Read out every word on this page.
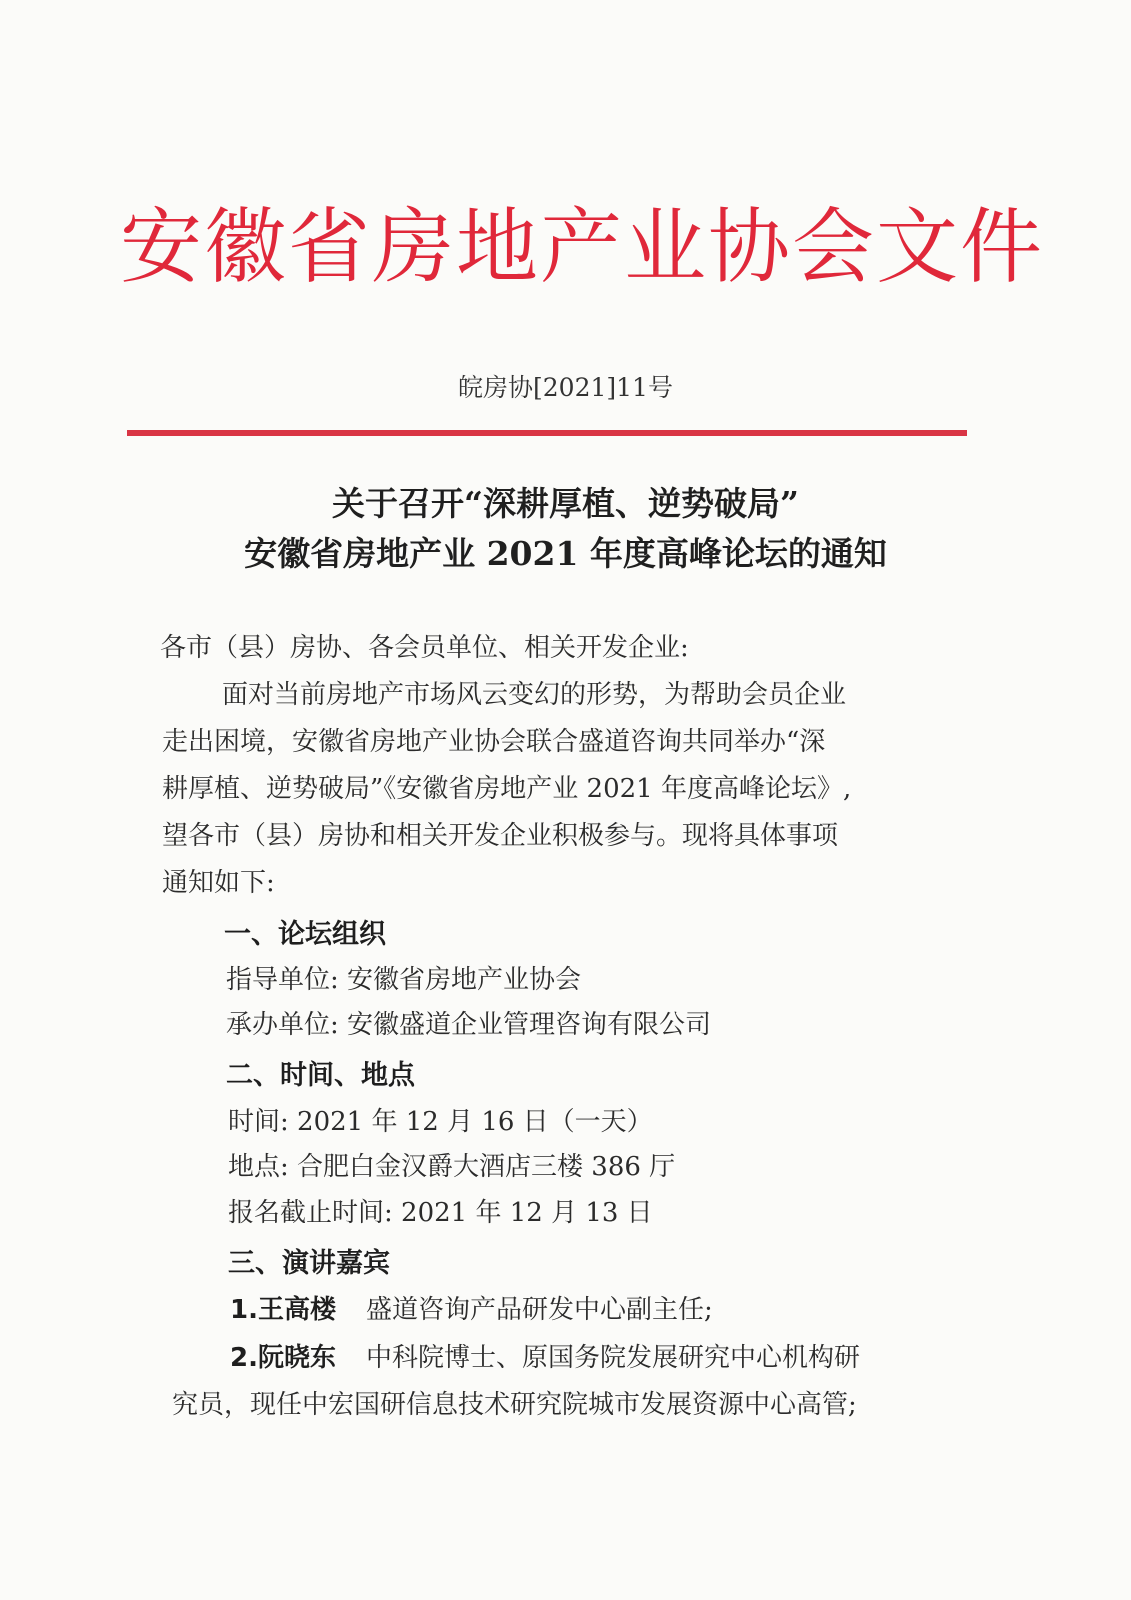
安徽省房地产业协会文件
皖房协[2021]11号
关于召开“深耕厚植、逆势破局”
安徽省房地产业 2021 年度高峰论坛的通知
各市（县）房协、各会员单位、相关开发企业:
面对当前房地产市场风云变幻的形势，为帮助会员企业
走出困境，安徽省房地产业协会联合盛道咨询共同举办“深
耕厚植、逆势破局”《安徽省房地产业 2021 年度高峰论坛》,
望各市（县）房协和相关开发企业积极参与。现将具体事项
通知如下:
一、论坛组织
指导单位: 安徽省房地产业协会
承办单位: 安徽盛道企业管理咨询有限公司
二、时间、地点
时间: 2021 年 12 月 16 日（一天）
地点: 合肥白金汉爵大酒店三楼 386 厅
报名截止时间: 2021 年 12 月 13 日
三、演讲嘉宾
1.王高楼 盛道咨询产品研发中心副主任;
2.阮晓东 中科院博士、原国务院发展研究中心机构研
究员，现任中宏国研信息技术研究院城市发展资源中心高管;
